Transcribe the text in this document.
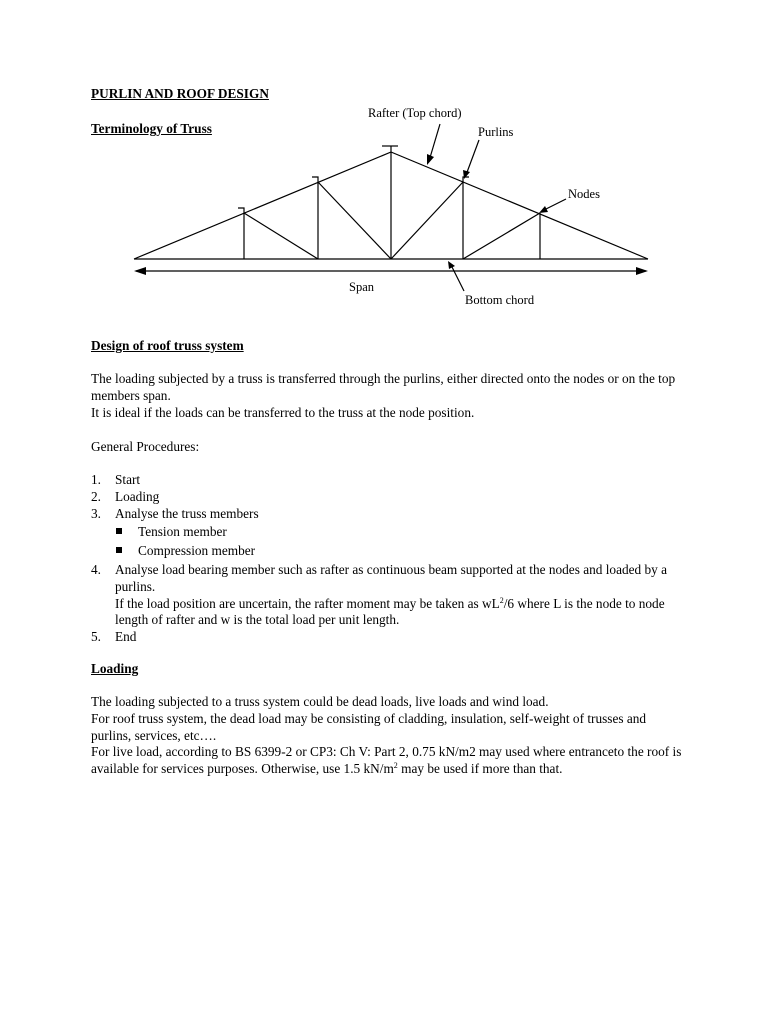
PURLIN AND ROOF DESIGN
Terminology of Truss
Rafter (Top chord)
Purlins
Nodes
Span
Bottom chord
Design of roof truss system

The loading subjected by a truss is transferred through the purlins, either directed onto the nodes or on the top members span.

It is ideal if the loads can be transferred to the truss at the node position.

General Procedures:
1. Start
2. Loading
3. Analyse the truss members
Tension member
Compression member
4. Analyse load bearing member such as rafter as continuous beam supported at the nodes and loaded by a purlins.
If the load position are uncertain, the rafter moment may be taken as $wL^2/6$ where L is the node to node length of rafter and w is the total load per unit length.
5. End
Loading

The loading subjected to a truss system could be dead loads, live loads and wind load.

For roof truss system, the dead load may be consisting of cladding, insulation, self-weight of trusses and purlins, services, etc….

For live load, according to BS 6399-2 or CP3: Ch V: Part 2, 0.75 kN/m2 may used where entranceto the roof is available for services purposes. Otherwise, use 1.5 $kN/m^2$ may be used if more than that.
